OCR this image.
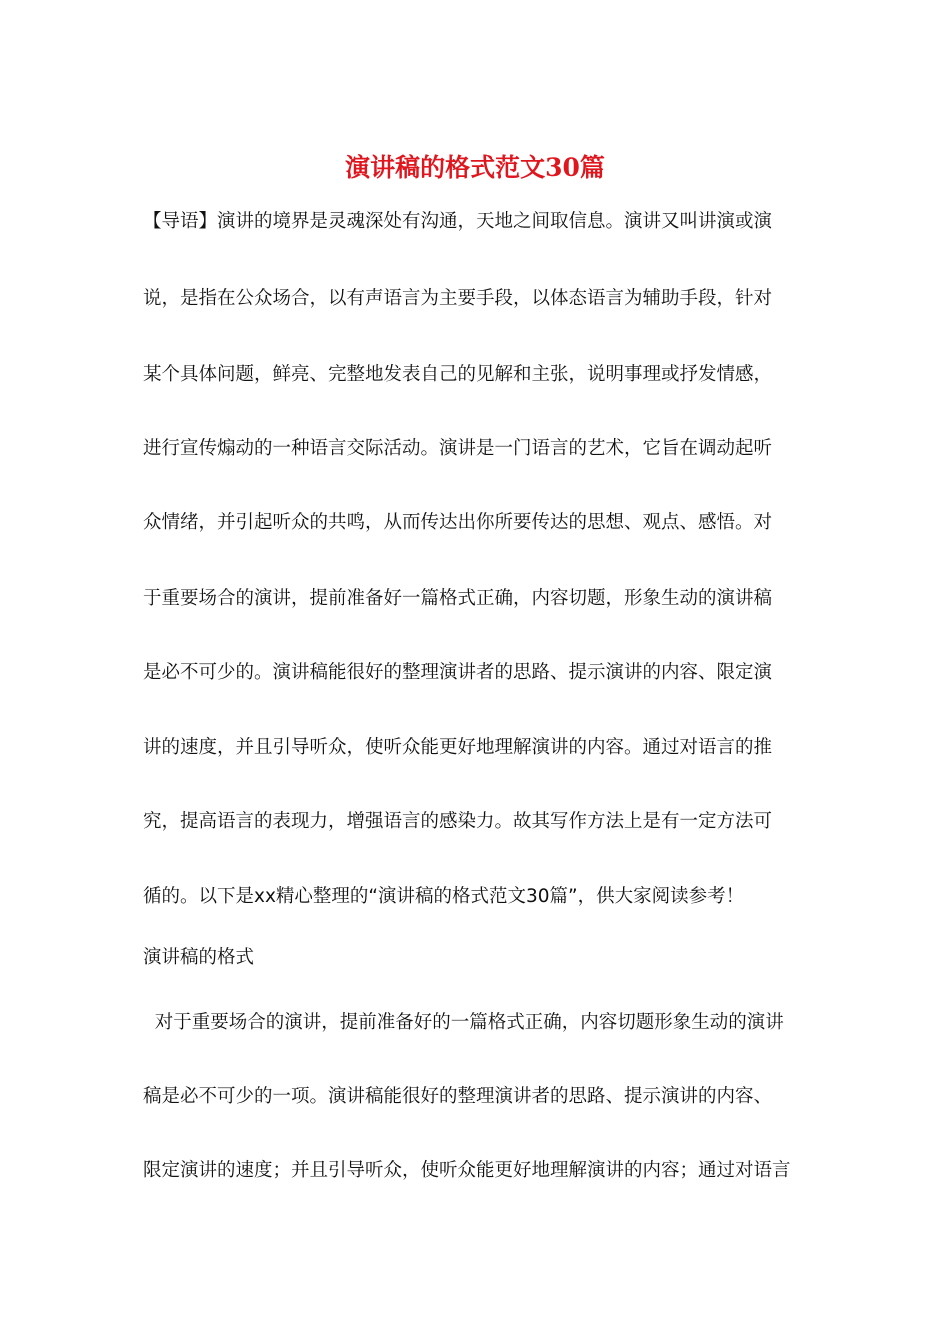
演讲稿的格式范文30篇
【导语】演讲的境界是灵魂深处有沟通，天地之间取信息。演讲又叫讲演或演
说，是指在公众场合，以有声语言为主要手段，以体态语言为辅助手段，针对
某个具体问题，鲜亮、完整地发表自己的见解和主张，说明事理或抒发情感，
进行宣传煽动的一种语言交际活动。演讲是一门语言的艺术，它旨在调动起听
众情绪，并引起听众的共鸣，从而传达出你所要传达的思想、观点、感悟。对
于重要场合的演讲，提前准备好一篇格式正确，内容切题，形象生动的演讲稿
是必不可少的。演讲稿能很好的整理演讲者的思路、提示演讲的内容、限定演
讲的速度，并且引导听众，使听众能更好地理解演讲的内容。通过对语言的推
究，提高语言的表现力，增强语言的感染力。故其写作方法上是有一定方法可
循的。以下是xx精心整理的“演讲稿的格式范文30篇”，供大家阅读参考！
演讲稿的格式
对于重要场合的演讲，提前准备好的一篇格式正确，内容切题形象生动的演讲
稿是必不可少的一项。演讲稿能很好的整理演讲者的思路、提示演讲的内容、
限定演讲的速度；并且引导听众，使听众能更好地理解演讲的内容；通过对语言
